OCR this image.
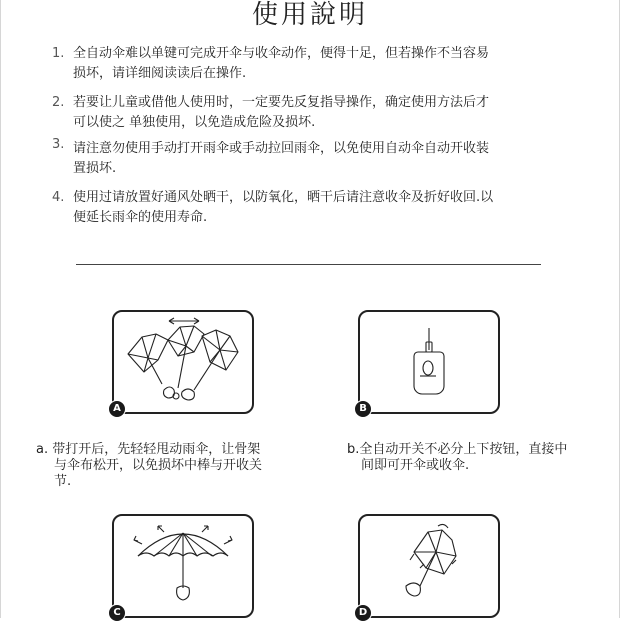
使用說明
1. 全自动伞难以单键可完成开伞与收伞动作，便得十足，但若操作不当容易
损坏，请详细阅读读后在操作.
2. 若要让儿童或借他人使用时，一定要先反复指导操作，确定使用方法后才
可以使之 单独使用，以免造成危险及损坏.
3. 请注意勿使用手动打开雨伞或手动拉回雨伞，以免使用自动伞自动开收装
置损坏.
4. 使用过请放置好通风处晒干，以防氧化，晒干后请注意收伞及折好收回.以
便延长雨伞的使用寿命.
A	B
a. 带打开后，先轻轻甩动雨伞，让骨架
与伞布松开，以免损坏中棒与开收关
节.
b.全自动开关不必分上下按钮，直接中
间即可开伞或收伞.
C	D
